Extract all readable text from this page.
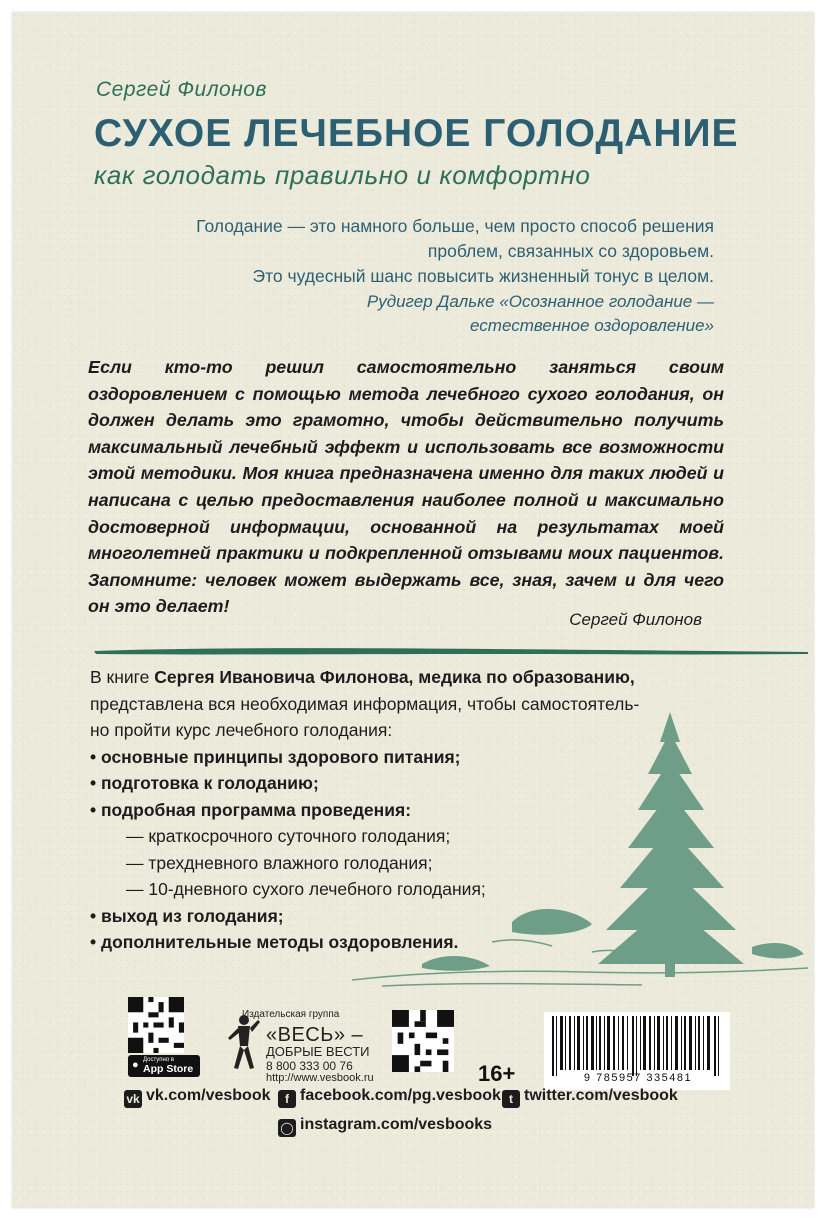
Сергей Филонов
СУХОЕ ЛЕЧЕБНОЕ ГОЛОДАНИЕ
как голодать правильно и комфортно
Голодание — это намного больше, чем просто способ решения
проблем, связанных со здоровьем.
Это чудесный шанс повысить жизненный тонус в целом.
Рудигер Дальке «Осознанное голодание —
естественное оздоровление»
Если кто-то решил самостоятельно заняться своим оздоровлением с помощью метода лечебного сухого голодания, он должен делать это грамотно, чтобы действительно получить максимальный лечебный эффект и использовать все возможности этой методики. Моя книга предназначена именно для таких людей и написана с целью предоставления наиболее полной и максимально достоверной информации, основанной на результатах моей многолетней практики и подкрепленной отзывами моих пациентов. Запомните: человек может выдержать все, зная, зачем и для чего он это делает!
Сергей Филонов
В книге Сергея Ивановича Филонова, медика по образованию,
представлена вся необходимая информация, чтобы самостоятель-
но пройти курс лечебного голодания:
• основные принципы здорового питания;
• подготовка к голоданию;
• подробная программа проведения:
— краткосрочного суточного голодания;
— трехдневного влажного голодания;
— 10-дневного сухого лечебного голодания;
• выход из голодания;
• дополнительные методы оздоровления.
● Доступно в
App Store
Издательская группа
«ВЕСЬ» –
ДОБРЫЕ ВЕСТИ
8 800 333 00 76
http://www.vesbook.ru	16+	9 785957 335481
vk vk.com/vesbook	f facebook.com/pg.vesbook t twitter.com/vesbook
◯ instagram.com/vesbooks
